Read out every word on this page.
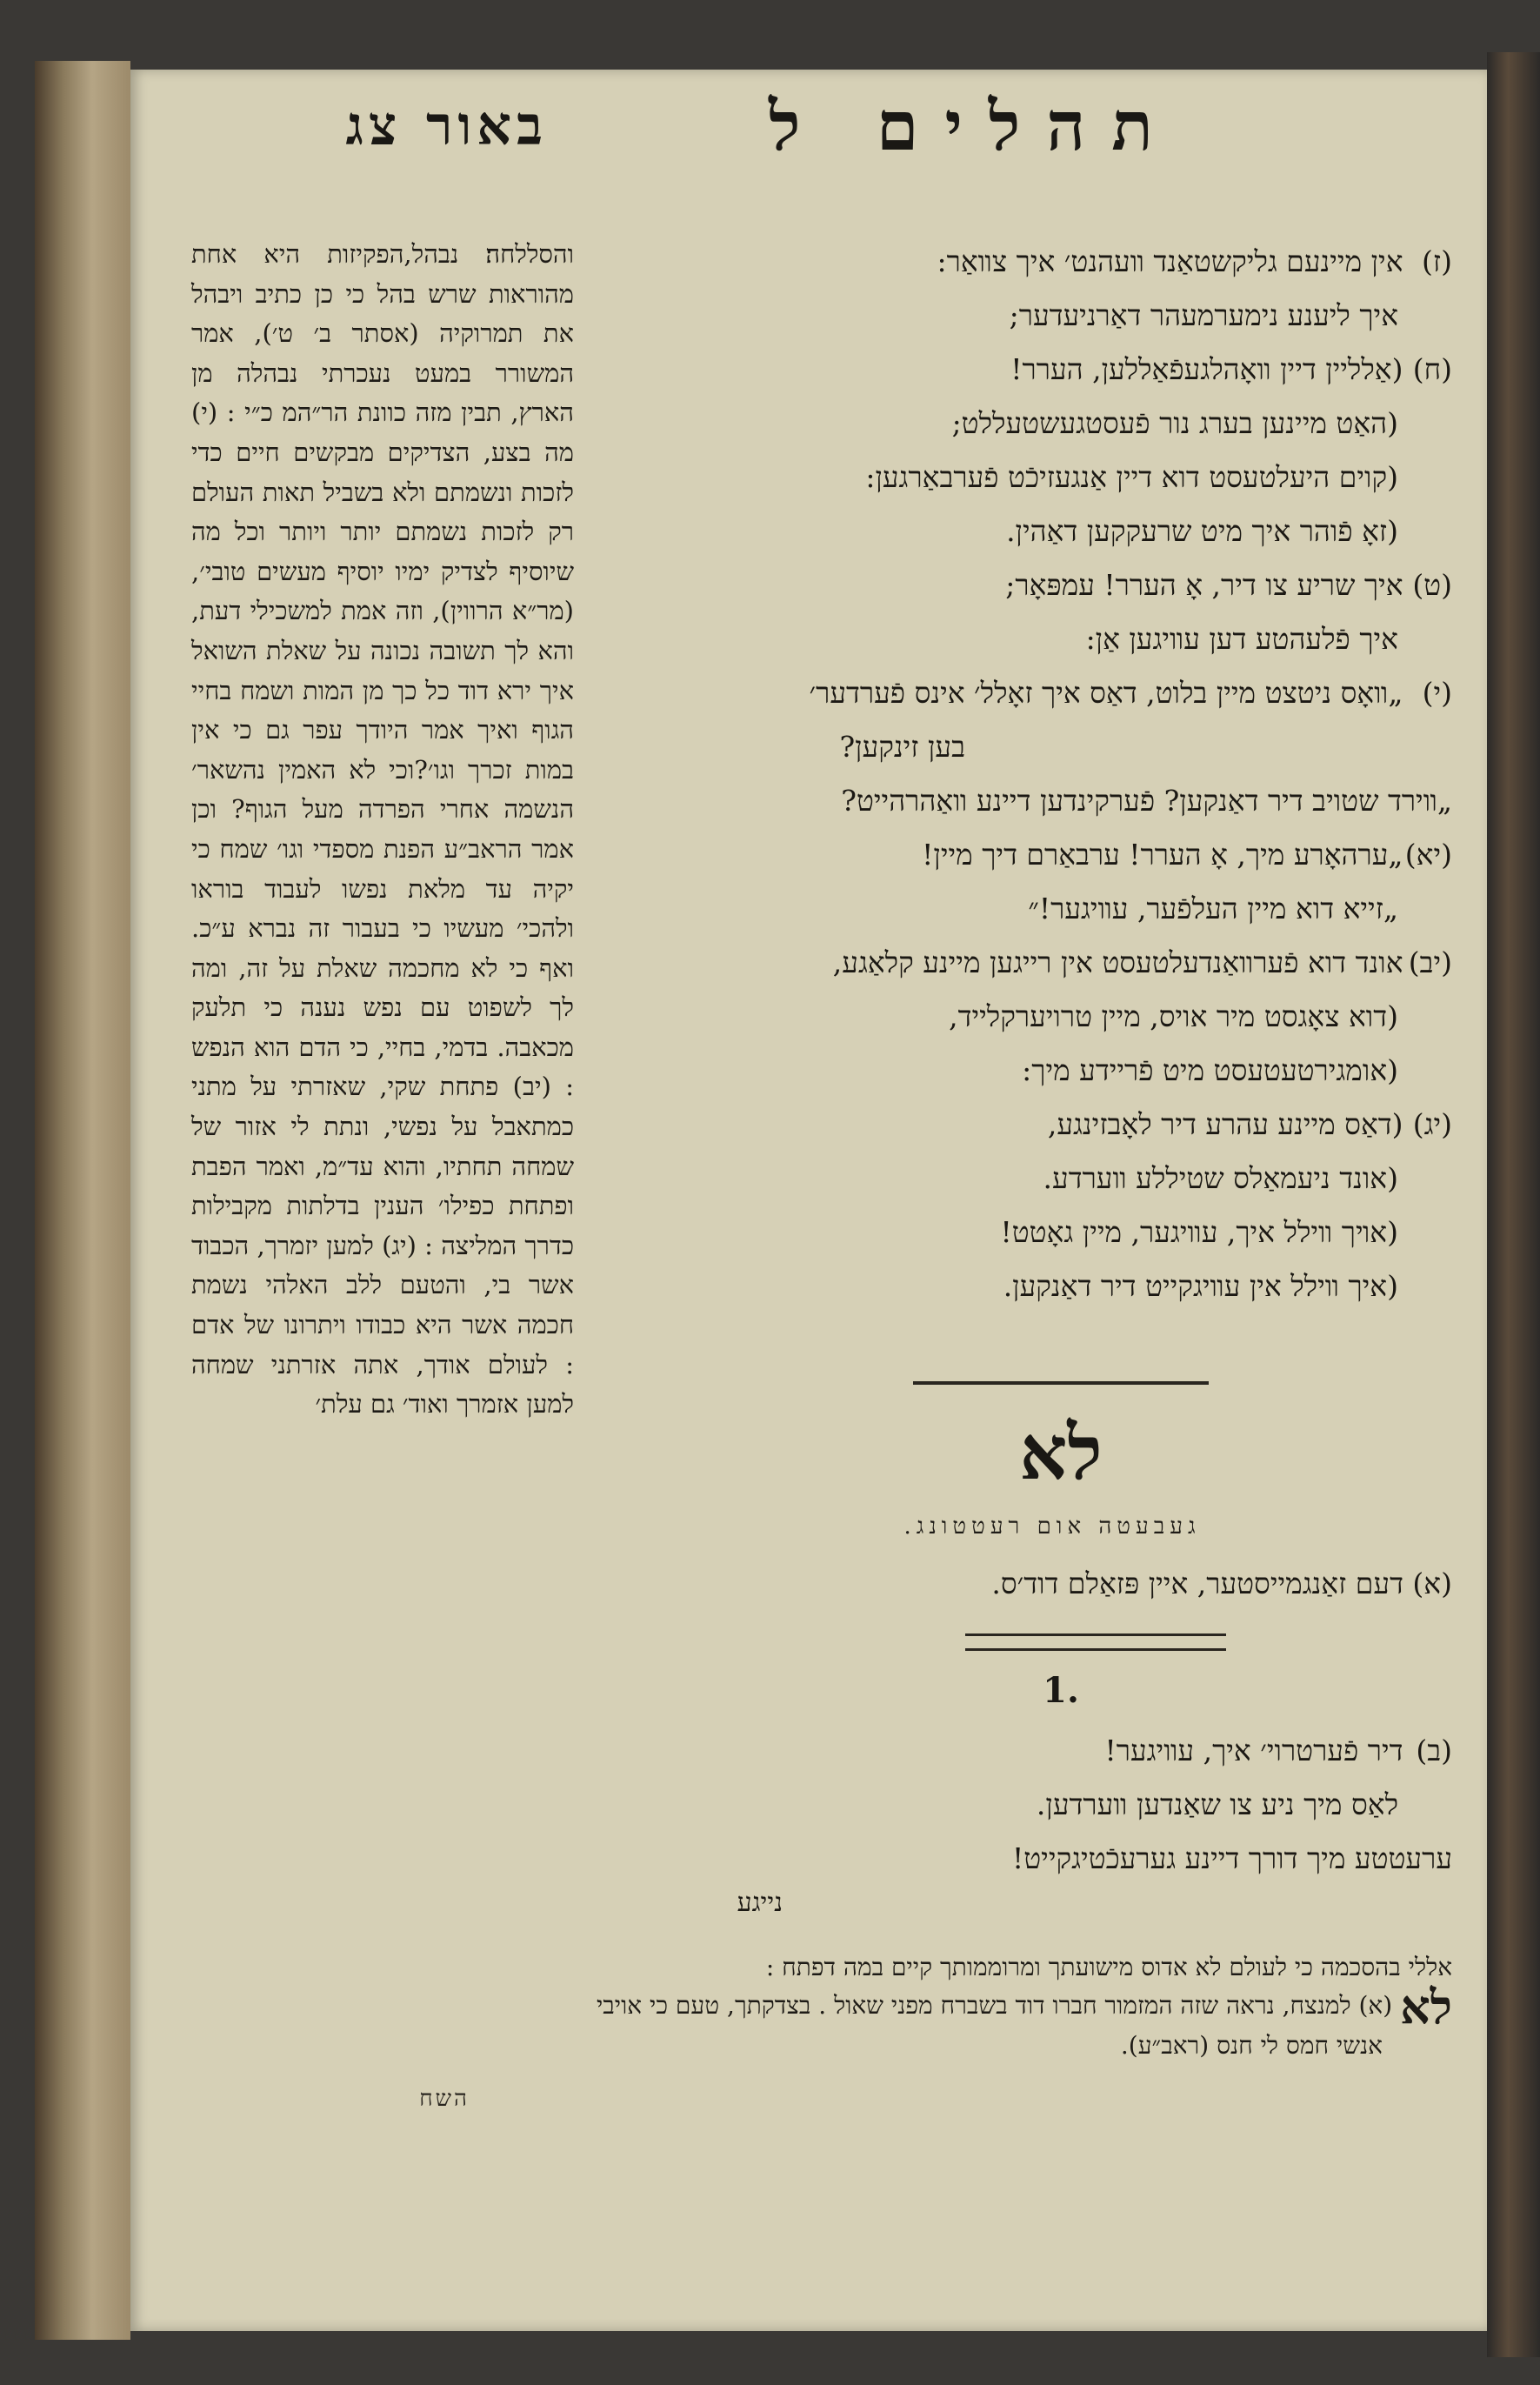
תהלים ל
באור צג

והסללחה׃ נבהל,הפקיזות היא אחת מהוראות שרש בהל כי כן כתיב ויבהל את תמרוקיה (אסתר ב׳ ט׳), אמר המשורר במעט נעכרתי נבהלה מן הארץ, תבין מזה כוונת הר״המ כ״י : (י) מה בצע, הצדיקים מבקשים חיים כדי לזכות ונשמתם ולא בשביל תאות העולם רק לזכות נשמתם יותר ויותר וכל מה שיוסיף לצדיק ימיו יוסיף מעשים טובי׳, (מר״א הרווין), וזה אמת למשכילי דעת, והא לך תשובה נכונה על שאלת השואל איך ירא דוד כל כך מן המות ושמח בחיי הגוף ואיך אמר היודך עפר גם כי אין במות זכרך וגו׳?וכי לא האמין נהשאר׳ הנשמה אחרי הפרדה מעל הגוף? וכן אמר הראב״ע הפנת מספדי וגו׳ שמח כי יקיה עד מלאת נפשו לעבוד בוראו ולהכי׳ מעשיו כי בעבור זה נברא ע״כ. ואף כי לא מחכמה שאלת על זה, ומה לך לשפוט עם נפש נענה כי תלעק מכאבה. בדמי, בחיי, כי הדם הוא הנפש : (יב) פתחת שקי, שאזרתי על מתני כמתאבל על נפשי, ונתת לי אזור של שמחה תחתיו, והוא עד״מ, ואמר הפבת ופתחת כפילו׳ הענין בדלתות מקבילות כדרך המליצה : (יג) למען יזמרך, הכבוד אשר בי, והטעם ללב האלהי נשמת חכמה אשר היא כבודו ויתרונו של אדם : לעולם אודך, אתה אזרתני שמחה למען אזמרך ואוד׳ גם עלת׳

(ז) אין מיינעם גליקשטאַנד װעהנט׳ איך צװאַר:
איך ליענע נימערמעהר דאַרניעדער;
(ח) (אַלליין דיין װאָהלגעפֿאַללען, הערר!
(האַט מיינען בערג נור פֿעסטגעשטעללט;
(קוים היעלטעסט דוא דיין אַנגעזיכֿט פֿערבאַרגען:
(זאָ פֿוהר איך מיט שרעקקען דאַהין.
(ט) איך שריע צו דיר, אָ הערר! עמפּאָר;
איך פֿלעהטע דען עװיגען אַן:
(י) „װאָס ניטצט מיין בלוט, דאַס איך זאָלל׳ אינס פֿערדער׳
בען זינקען?
„װירד שטויב דיר דאַנקען? פֿערקינדען דיינע װאַהרהייט?
(יא) „ערהאָרע מיך, אָ הערר! ערבאַרם דיך מיין!
„זייא דוא מיין העלפֿער, עװיגער!״
(יב) אונד דוא פֿערװאַנדעלטעסט אין רייגען מיינע קלאַגע,
(דוא צאָגסט מיר אויס, מיין טרויערקלייד,
(אומגירטעטעסט מיט פֿריידע מיך:
(יג) (דאַס מיינע עהרע דיר לאָבזינגע,
(אונד ניעמאַלס שטיללע װערדע.
(אױך װילל איך, עװיגער, מיין גאָטט!
(איך װילל אין עװיגקייט דיר דאַנקען.
לא
געבעטה אום רעטטונג.
(א) דעם זאַנגמייסטער, איין פּזאַלם דוד׳ס.
1.
(ב) דיר פֿערטרוי׳ איך, עװיגער!
לאַס מיך ניע צו שאַנדען װערדען.
ערעטטע מיך דורך דיינע גערעכֿטיגקייט!
נייגע

אללי בהסכמה כי לעולם לא אדוס מישועתך ומרוממותך קיים במה דפתח :

לא (א) למנצח, נראה שזה המזמור חברו דוד בשברח מפני שאול . בצדקתך, טעם כי אויבי

אנשי חמס לי חנס (ראב״ע).

השח
